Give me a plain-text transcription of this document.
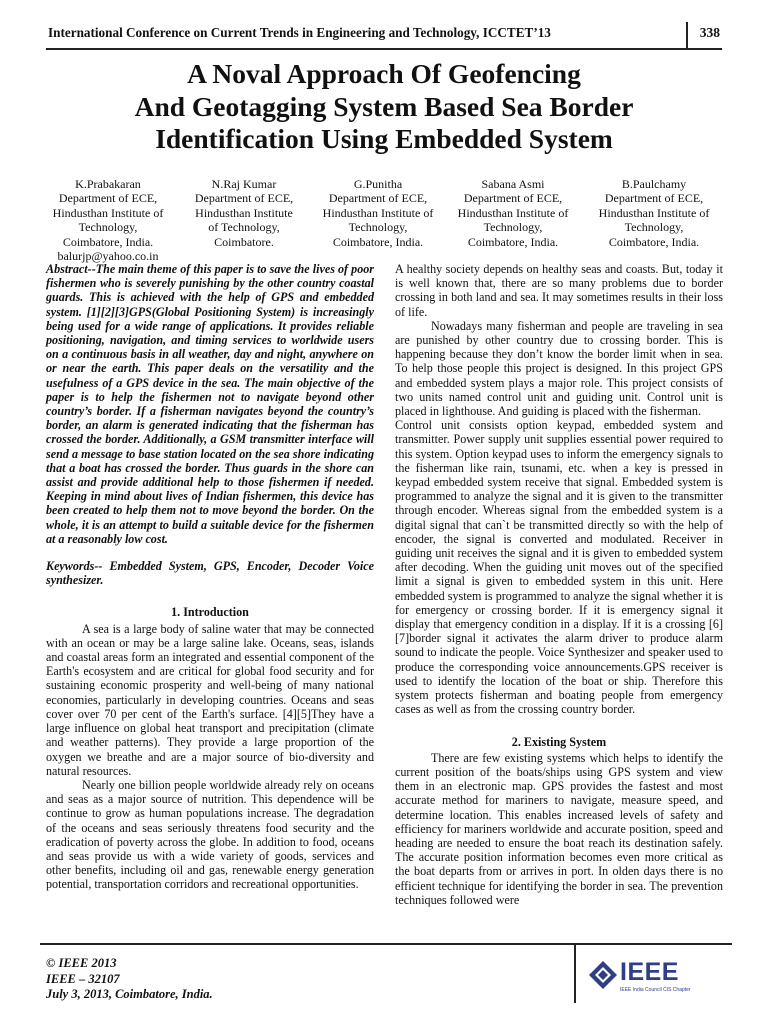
International Conference on Current Trends in Engineering and Technology, ICCTET’13	338
A Noval Approach Of Geofencing
And Geotagging System Based Sea Border
Identification Using Embedded System
K.Prabakaran
Department of ECE,
Hindusthan Institute of
Technology,
Coimbatore, India.
balurjp@yahoo.co.in
N.Raj Kumar
Department of ECE,
Hindusthan Institute
of Technology,
Coimbatore.
G.Punitha
Department of ECE,
Hindusthan Institute of
Technology,
Coimbatore, India.
Sabana Asmi
Department of ECE,
Hindusthan Institute of
Technology,
Coimbatore, India.
B.Paulchamy
Department of ECE,
Hindusthan Institute of
Technology,
Coimbatore, India.

Abstract--The main theme of this paper is to save the lives of poor fishermen who is severely punishing by the other country coastal guards. This is achieved with the help of GPS and embedded system. [1][2][3]GPS(Global Positioning System) is increasingly being used for a wide range of applications. It provides reliable positioning, navigation, and timing services to worldwide users on a continuous basis in all weather, day and night, anywhere on or near the earth. This paper deals on the versatility and the usefulness of a GPS device in the sea. The main objective of the paper is to help the fishermen not to navigate beyond other country’s border. If a fisherman navigates beyond the country’s border, an alarm is generated indicating that the fisherman has crossed the border. Additionally, a GSM transmitter interface will send a message to base station located on the sea shore indicating that a boat has crossed the border. Thus guards in the shore can assist and provide additional help to those fishermen if needed. Keeping in mind about lives of Indian fishermen, this device has been created to help them not to move beyond the border. On the whole, it is an attempt to build a suitable device for the fishermen at a reasonably low cost.

Keywords-- Embedded System, GPS, Encoder, Decoder Voice synthesizer.

1. Introduction

A sea is a large body of saline water that may be connected with an ocean or may be a large saline lake. Oceans, seas, islands and coastal areas form an integrated and essential component of the Earth's ecosystem and are critical for global food security and for sustaining economic prosperity and well-being of many national economies, particularly in developing countries. Oceans and seas cover over 70 per cent of the Earth's surface. [4][5]They have a large influence on global heat transport and precipitation (climate and weather patterns). They provide a large proportion of the oxygen we breathe and are a major source of bio-diversity and natural resources.

Nearly one billion people worldwide already rely on oceans and seas as a major source of nutrition. This dependence will be continue to grow as human populations increase. The degradation of the oceans and seas seriously threatens food security and the eradication of poverty across the globe. In addition to food, oceans and seas provide us with a wide variety of goods, services and other benefits, including oil and gas, renewable energy generation potential, transportation corridors and recreational opportunities.

A healthy society depends on healthy seas and coasts. But, today it is well known that, there are so many problems due to border crossing in both land and sea. It may sometimes results in their loss of life.

Nowadays many fisherman and people are traveling in sea are punished by other country due to crossing border. This is happening because they don’t know the border limit when in sea. To help those people this project is designed. In this project GPS and embedded system plays a major role. This project consists of two units named control unit and guiding unit. Control unit is placed in lighthouse. And guiding is placed with the fisherman.

Control unit consists option keypad, embedded system and transmitter. Power supply unit supplies essential power required to this system. Option keypad uses to inform the emergency signals to the fisherman like rain, tsunami, etc. when a key is pressed in keypad embedded system receive that signal. Embedded system is programmed to analyze the signal and it is given to the transmitter through encoder. Whereas signal from the embedded system is a digital signal that can`t be transmitted directly so with the help of encoder, the signal is converted and modulated. Receiver in guiding unit receives the signal and it is given to embedded system after decoding. When the guiding unit moves out of the specified limit a signal is given to embedded system in this unit. Here embedded system is programmed to analyze the signal whether it is for emergency or crossing border. If it is emergency signal it display that emergency condition in a display. If it is a crossing [6][7]border signal it activates the alarm driver to produce alarm sound to indicate the people. Voice Synthesizer and speaker used to produce the corresponding voice announcements.GPS receiver is used to identify the location of the boat or ship. Therefore this system protects fisherman and boating people from emergency cases as well as from the crossing country border.

2. Existing System

There are few existing systems which helps to identify the current position of the boats/ships using GPS system and view them in an electronic map. GPS provides the fastest and most accurate method for mariners to navigate, measure speed, and determine location. This enables increased levels of safety and efficiency for mariners worldwide and accurate position, speed and heading are needed to ensure the boat reach its destination safely. The accurate position information becomes even more critical as the boat departs from or arrives in port. In olden days there is no efficient technique for identifying the border in sea. The prevention techniques followed were

© IEEE 2013
IEEE – 32107
July 3, 2013, Coimbatore, India.
IEEE
IEEE India Council CIS Chapter
